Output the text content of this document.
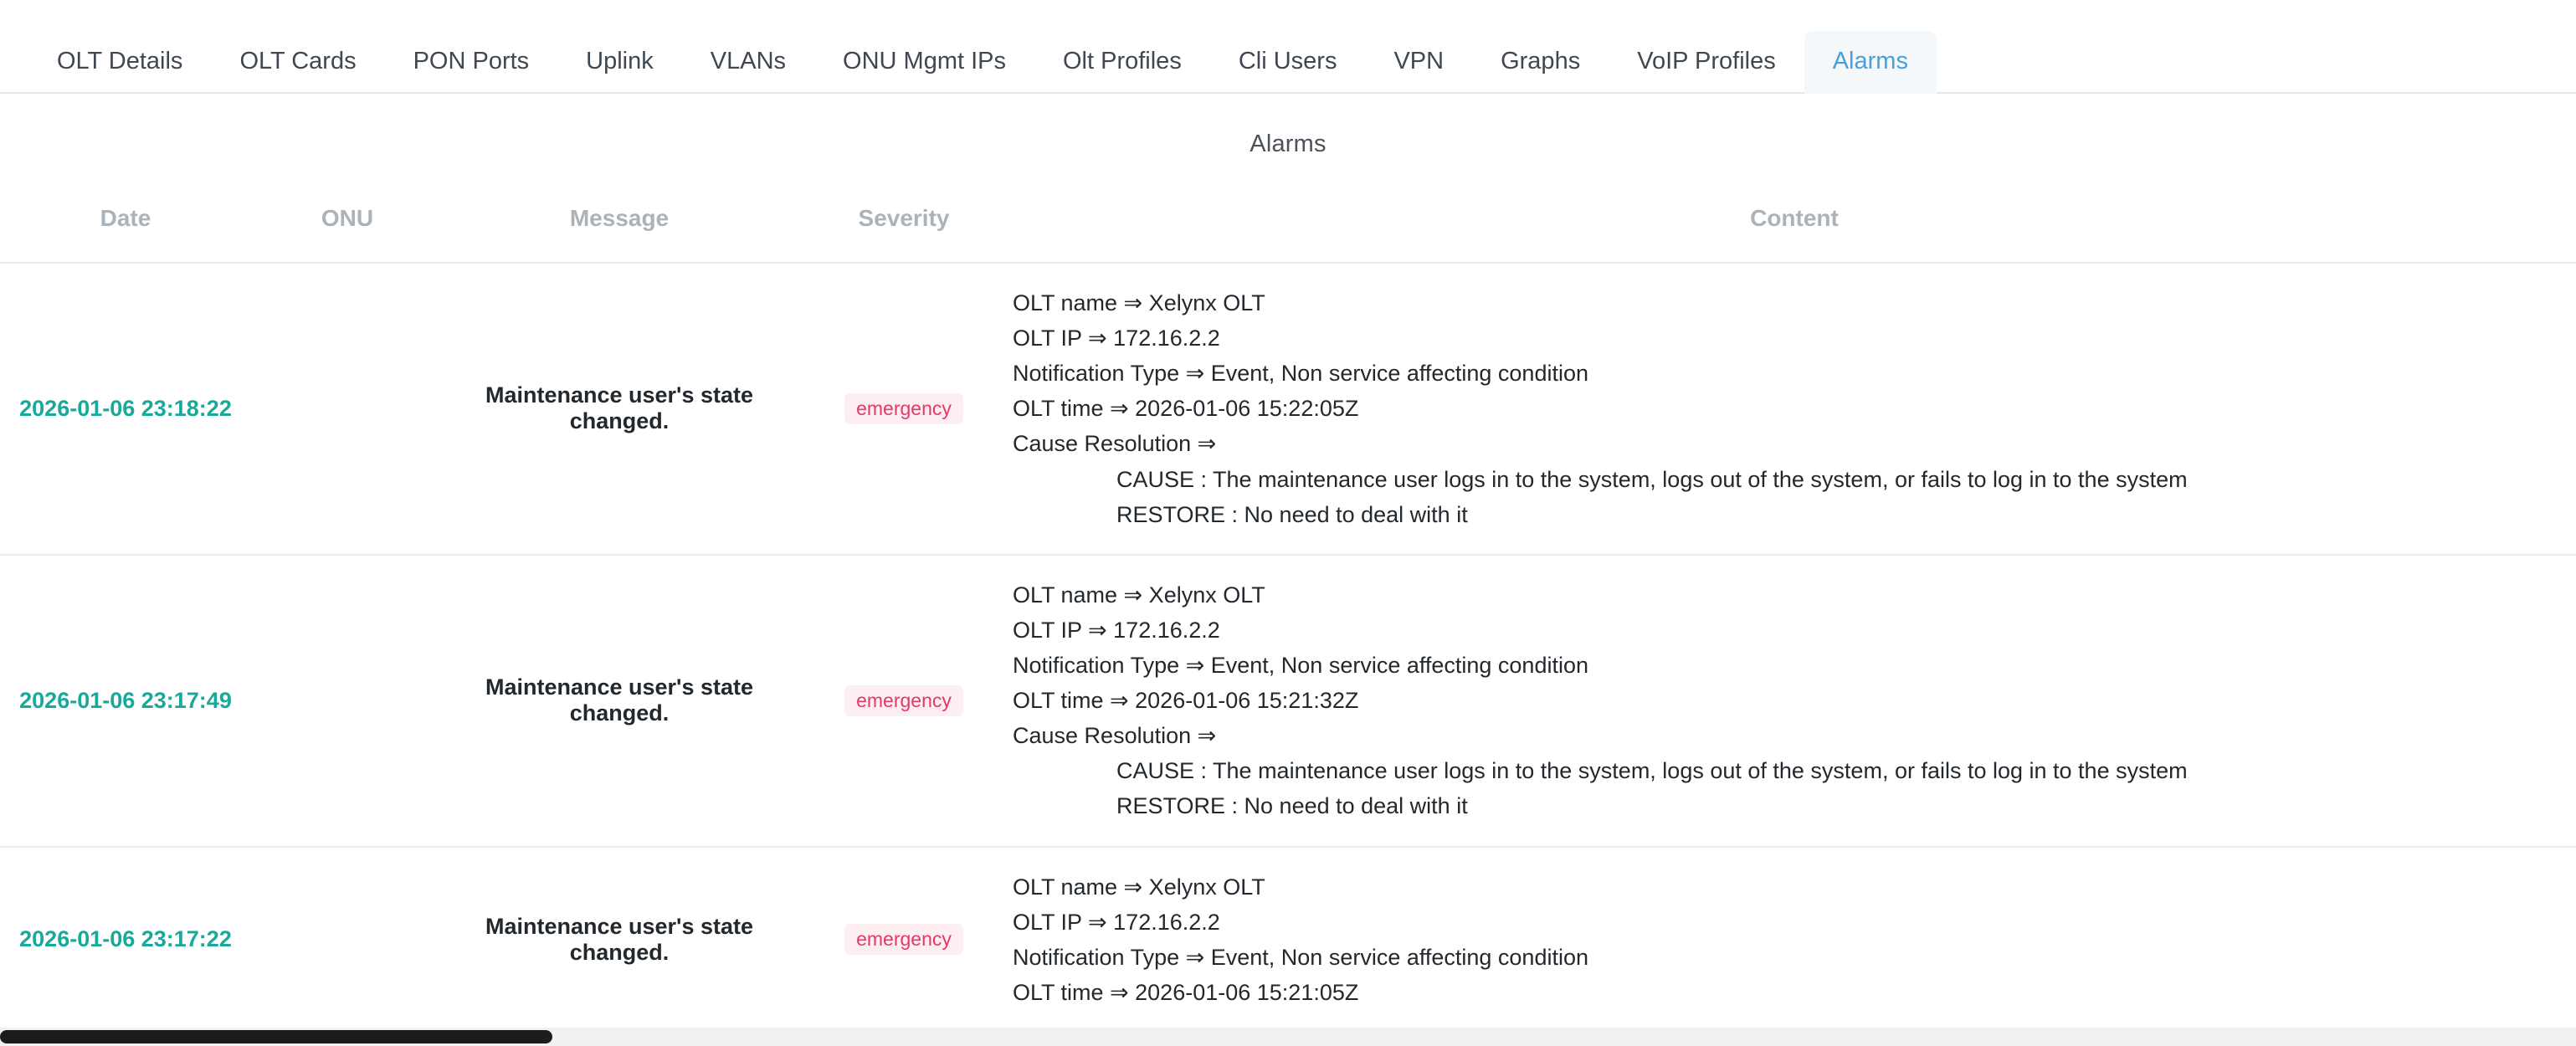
OLT Details	OLT Cards	PON Ports	Uplink	VLANs	ONU Mgmt IPs	Olt Profiles	Cli Users	VPN	Graphs	VoIP Profiles	Alarms
Alarms
Date	ONU	Message	Severity	Content
2026-01-06 23:18:22		Maintenance user's state changed.	emergency	
OLT name ⇒ Xelynx OLT
OLT IP ⇒ 172.16.2.2
Notification Type ⇒ Event, Non service affecting condition
OLT time ⇒ 2026-01-06 15:22:05Z
Cause Resolution ⇒
CAUSE : The maintenance user logs in to the system, logs out of the system, or fails to log in to the system
RESTORE : No need to deal with it

2026-01-06 23:17:49		Maintenance user's state changed.	emergency	
OLT name ⇒ Xelynx OLT
OLT IP ⇒ 172.16.2.2
Notification Type ⇒ Event, Non service affecting condition
OLT time ⇒ 2026-01-06 15:21:32Z
Cause Resolution ⇒
CAUSE : The maintenance user logs in to the system, logs out of the system, or fails to log in to the system
RESTORE : No need to deal with it

2026-01-06 23:17:22		Maintenance user's state changed.	emergency	OLT name ⇒ Xelynx OLT
OLT IP ⇒ 172.16.2.2
Notification Type ⇒ Event, Non service affecting condition
OLT time ⇒ 2026-01-06 15:21:05Z
